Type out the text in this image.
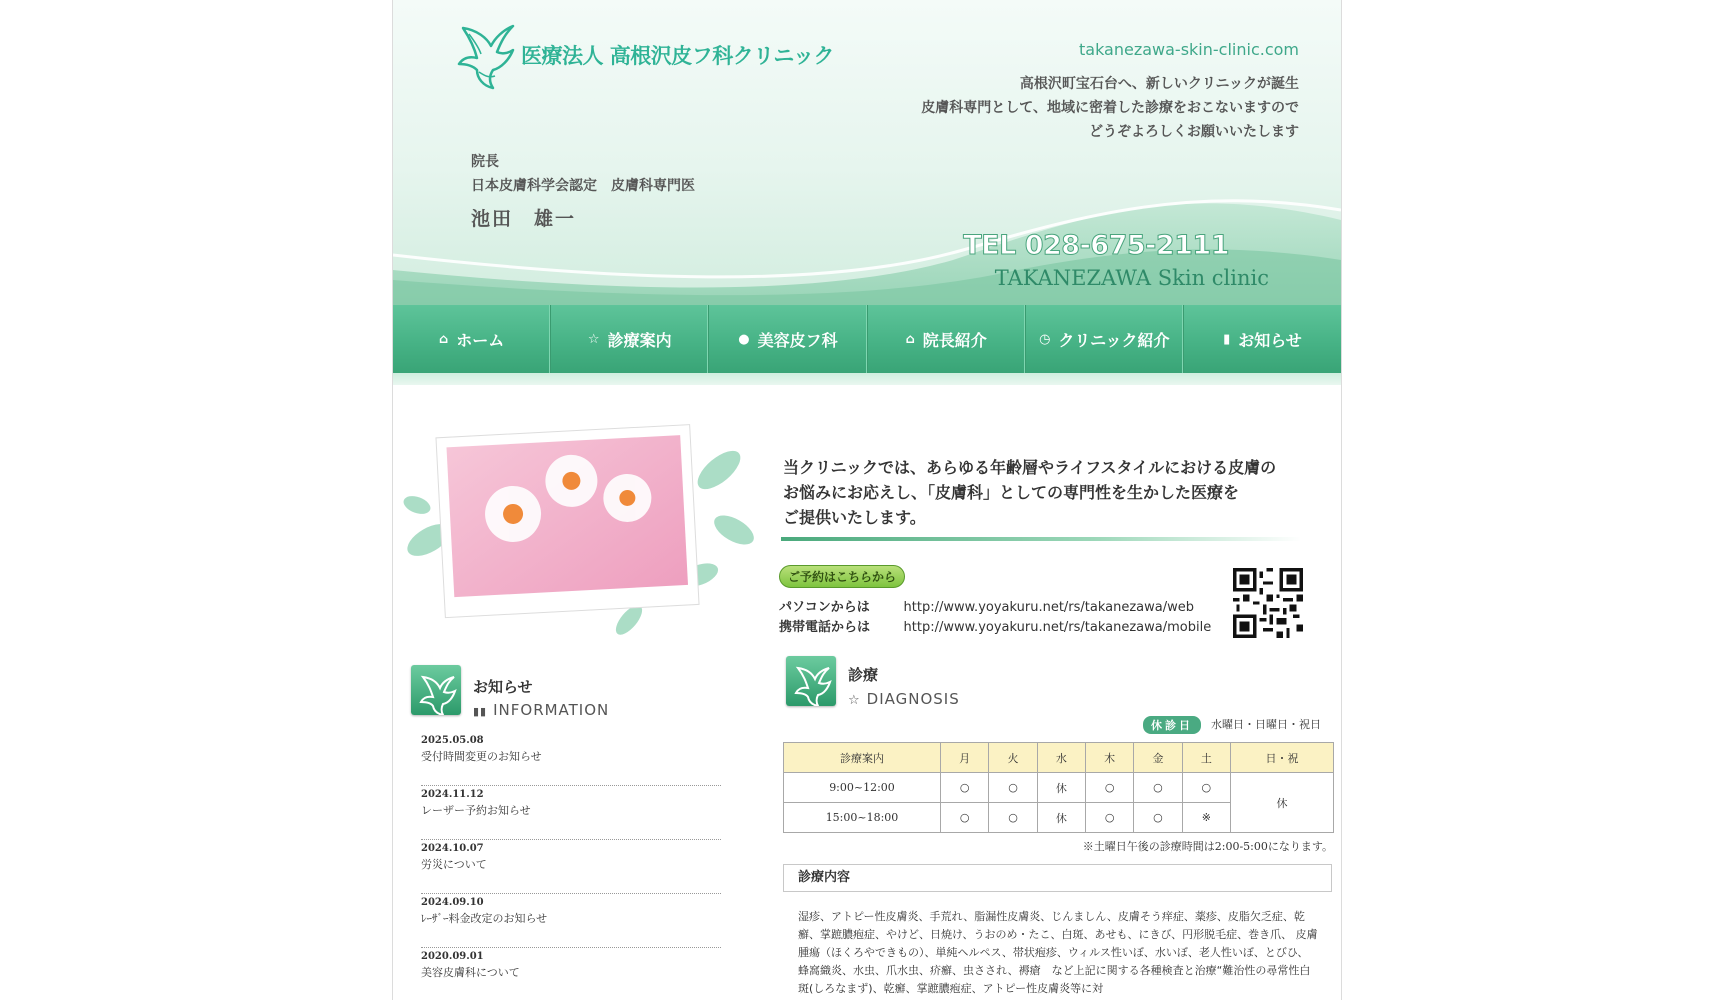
医療法人 高根沢皮フ科クリニック	takanezawa-skin-clinic.com
高根沢町宝石台へ、新しいクリニックが誕生
皮膚科専門として、地域に密着した診療をおこないますので
どうぞよろしくお願いいたします
院長
日本皮膚科学会認定　皮膚科専門医
池田　雄一
TEL 028-675-2111
TAKANEZAWA Skin clinic
⌂ ホーム	☆ 診療案内	● 美容皮フ科	⌂ 院長紹介	◷ クリニック紹介	▮ お知らせ
当クリニックでは、あらゆる年齢層やライフスタイルにおける皮膚の
お悩みにお応えし、「皮膚科」としての専門性を生かした医療を
ご提供いたします。
ご予約はこちらから
パソコンからは	http://www.yoyakuru.net/rs/takanezawa/web
携帯電話からは	http://www.yoyakuru.net/rs/takanezawa/mobile
お知らせ
▮▮ INFORMATION
2025.05.08
受付時間変更のお知らせ
2024.11.12
レーザー予約お知らせ
2024.10.07
労災について
2024.09.10
ﾚｰｻﾞｰ料金改定のお知らせ
2020.09.01
美容皮膚科について
診療
☆ DIAGNOSIS
休診日	水曜日・日曜日・祝日
診療案内	月	火	水	木	金	土	日・祝
9:00~12:00	○	○	休	○	○	○	休
15:00~18:00	○	○	休	○	○	※	
※土曜日午後の診療時間は2:00-5:00になります。
診療内容
湿疹、アトピー性皮膚炎、手荒れ、脂漏性皮膚炎、じんましん、皮膚そう痒症、薬疹、皮脂欠乏症、乾癬、掌蹠膿疱症、やけど、日焼け、うおのめ・たこ、白斑、あせも、にきび、円形脱毛症、巻き爪、 皮膚腫瘍（ほくろやできもの）、単純ヘルペス、帯状疱疹、ウィルス性いぼ、水いぼ、老人性いぼ、とびひ、蜂窩織炎、水虫、爪水虫、疥癬、虫さされ、褥瘡　など上記に関する各種検査と治療“難治性の尋常性白斑(しろなまず)、乾癬、掌蹠膿疱症、アトピー性皮膚炎等に対
